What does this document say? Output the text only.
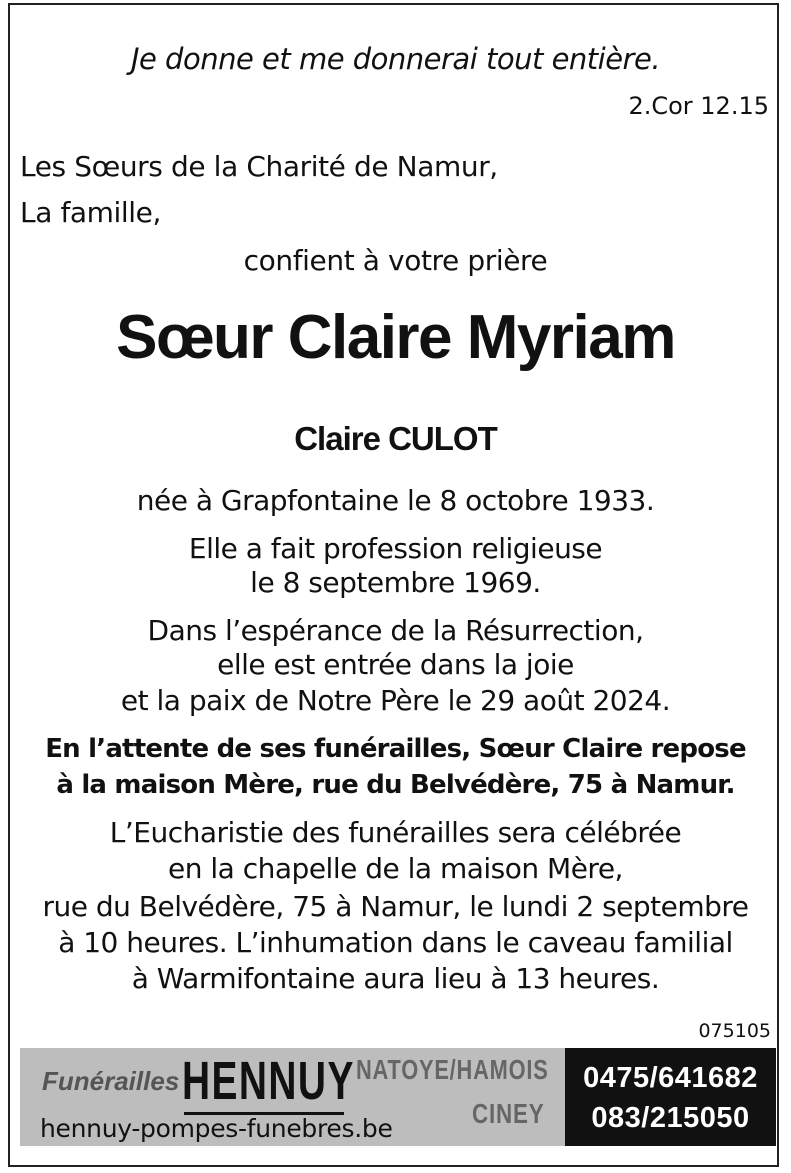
Je donne et me donnerai tout entière.
2.Cor 12.15
Les Sœurs de la Charité de Namur,
La famille,
confient à votre prière
Sœur Claire Myriam
Claire CULOT
née à Grapfontaine le 8 octobre 1933.
Elle a fait profession religieuse
le 8 septembre 1969.
Dans l’espérance de la Résurrection,
elle est entrée dans la joie
et la paix de Notre Père le 29 août 2024.
En l’attente de ses funérailles, Sœur Claire repose
à la maison Mère, rue du Belvédère, 75 à Namur.
L’Eucharistie des funérailles sera célébrée
en la chapelle de la maison Mère,
rue du Belvédère, 75 à Namur, le lundi 2 septembre
à 10 heures. L’inhumation dans le caveau familial
à Warmifontaine aura lieu à 13 heures.
075105
Funérailles HENNUY NATOYE/HAMOIS
CINEY
hennuy-pompes-funebres.be
0475/641682
083/215050
